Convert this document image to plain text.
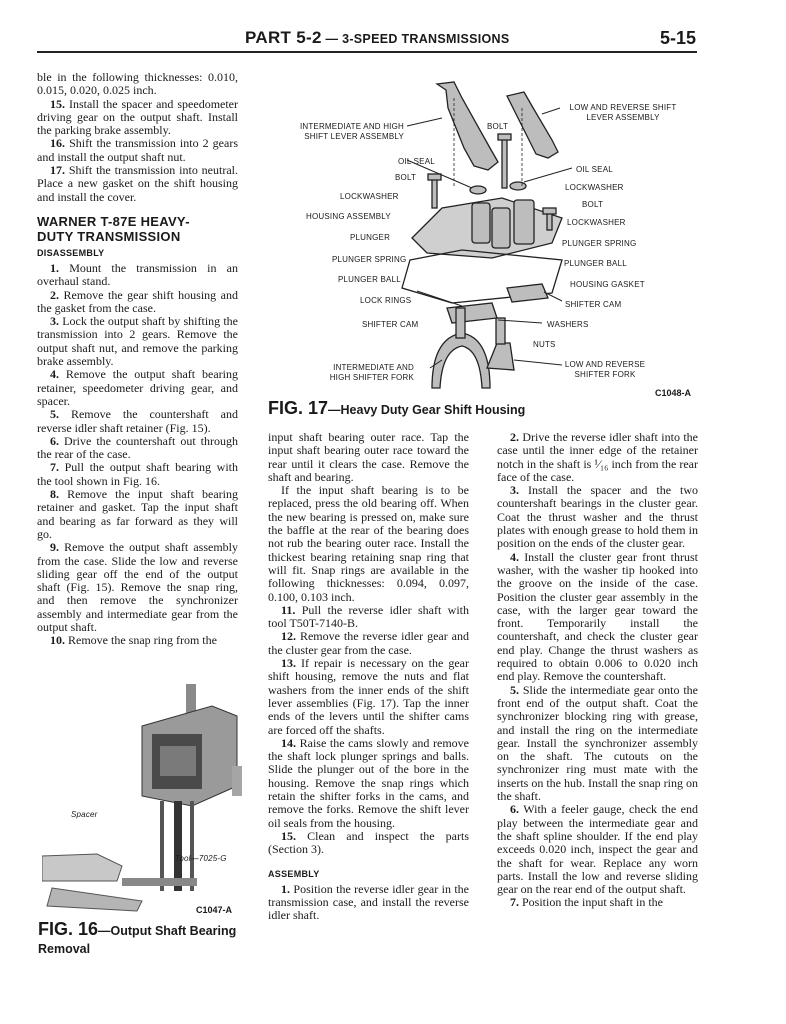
PART 5-2 — 3-SPEED TRANSMISSIONS	5-15

ble in the following thicknesses: 0.010, 0.015, 0.020, 0.025 inch.

15. Install the spacer and speedometer driving gear on the output shaft. Install the parking brake assembly.

16. Shift the transmission into 2 gears and install the output shaft nut.

17. Shift the transmission into neutral. Place a new gasket on the shift housing and install the cover.

WARNER T-87E HEAVY-DUTY TRANSMISSION
DISASSEMBLY

1. Mount the transmission in an overhaul stand.

2. Remove the gear shift housing and the gasket from the case.

3. Lock the output shaft by shifting the transmission into 2 gears. Remove the output shaft nut, and remove the parking brake assembly.

4. Remove the output shaft bearing retainer, speedometer driving gear, and spacer.

5. Remove the countershaft and reverse idler shaft retainer (Fig. 15).

6. Drive the countershaft out through the rear of the case.

7. Pull the output shaft bearing with the tool shown in Fig. 16.

8. Remove the input shaft bearing retainer and gasket. Tap the input shaft and bearing as far forward as they will go.

9. Remove the output shaft assembly from the case. Slide the low and reverse sliding gear off the end of the output shaft (Fig. 15). Remove the snap ring, and then remove the synchronizer assembly and intermediate gear from the output shaft.

10. Remove the snap ring from the

input shaft bearing outer race. Tap the input shaft bearing outer race toward the rear until it clears the case. Remove the shaft and bearing.

If the input shaft bearing is to be replaced, press the old bearing off. When the new bearing is pressed on, make sure the baffle at the rear of the bearing does not rub the bearing outer race. Install the thickest bearing retaining snap ring that will fit. Snap rings are available in the following thicknesses: 0.094, 0.097, 0.100, 0.103 inch.

11. Pull the reverse idler shaft with tool T50T-7140-B.

12. Remove the reverse idler gear and the cluster gear from the case.

13. If repair is necessary on the gear shift housing, remove the nuts and flat washers from the inner ends of the shift lever assemblies (Fig. 17). Tap the inner ends of the levers until the shifter cams are forced off the shafts.

14. Raise the cams slowly and remove the shaft lock plunger springs and balls. Slide the plunger out of the bore in the housing. Remove the snap rings which retain the shifter forks in the cams, and remove the forks. Remove the shift lever oil seals from the housing.

15. Clean and inspect the parts (Section 3).

ASSEMBLY

1. Position the reverse idler gear in the transmission case, and install the reverse idler shaft.

2. Drive the reverse idler shaft into the case until the inner edge of the retainer notch in the shaft is ¹⁄₁₆ inch from the rear face of the case.

3. Install the spacer and the two countershaft bearings in the cluster gear. Coat the thrust washer and the thrust plates with enough grease to hold them in position on the ends of the cluster gear.

4. Install the cluster gear front thrust washer, with the washer tip hooked into the groove on the inside of the case. Position the cluster gear assembly in the case, with the larger gear toward the front. Temporarily install the countershaft, and check the cluster gear end play. Change the thrust washers as required to obtain 0.006 to 0.020 inch end play. Remove the countershaft.

5. Slide the intermediate gear onto the front end of the output shaft. Coat the synchronizer blocking ring with grease, and install the ring on the intermediate gear. Install the synchronizer assembly on the shaft. The cutouts on the synchronizer ring must mate with the inserts on the hub. Install the snap ring on the shaft.

6. With a feeler gauge, check the end play between the intermediate gear and the shaft spline shoulder. If the end play exceeds 0.020 inch, inspect the gear and the shaft for wear. Replace any worn parts. Install the low and reverse sliding gear on the rear end of the output shaft.

7. Position the input shaft in the

INTERMEDIATE AND HIGH
SHIFT LEVER ASSEMBLY
BOLT
LOW AND REVERSE SHIFT
LEVER ASSEMBLY
OIL SEAL
OIL SEAL
BOLT
LOCKWASHER
LOCKWASHER
BOLT
HOUSING ASSEMBLY
LOCKWASHER
PLUNGER
PLUNGER SPRING
PLUNGER SPRING	PLUNGER BALL
PLUNGER BALL
HOUSING GASKET
LOCK RINGS	SHIFTER CAM
SHIFTER CAM	WASHERS
NUTS
INTERMEDIATE AND
HIGH SHIFTER FORK
LOW AND REVERSE
SHIFTER FORK
C1048-A
FIG. 17—Heavy Duty Gear Shift Housing
Spacer
Tool—7025-G
C1047-A
FIG. 16—Output Shaft Bearing Removal
